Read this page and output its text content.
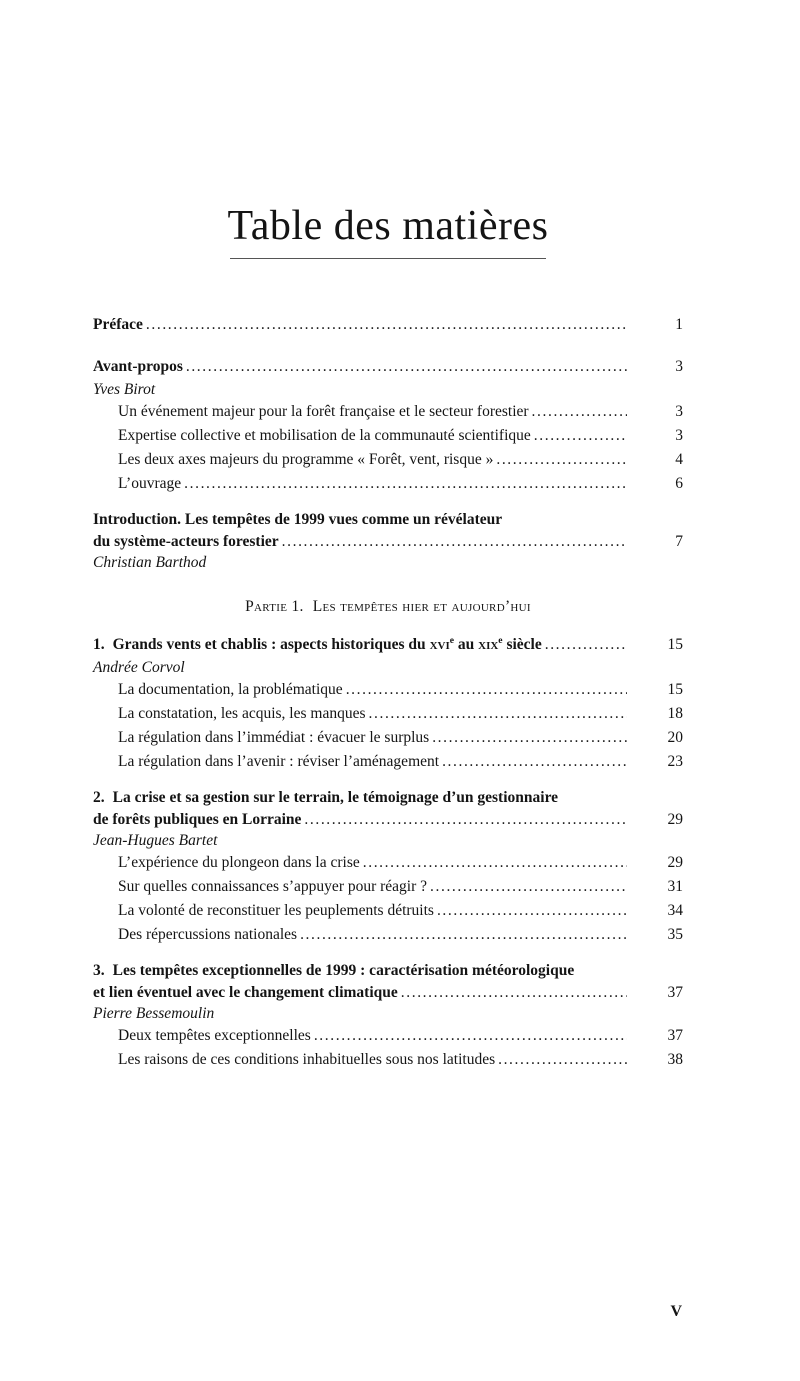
Table des matières
Préface .....	1
Avant-propos .....	3
Yves Birot
Un événement majeur pour la forêt française et le secteur forestier .....	3
Expertise collective et mobilisation de la communauté scientifique .....	3
Les deux axes majeurs du programme « Forêt, vent, risque » .....	4
L’ouvrage .....	6
Introduction. Les tempêtes de 1999 vues comme un révélateur
du système-acteurs forestier .....	7
Christian Barthod
Partie 1. Les tempêtes hier et aujourd’hui
1. Grands vents et chablis : aspects historiques du xvi$^e$ au xix$^e$ siècle .....	15
Andrée Corvol
La documentation, la problématique .....	15
La constatation, les acquis, les manques .....	18
La régulation dans l’immédiat : évacuer le surplus .....	20
La régulation dans l’avenir : réviser l’aménagement .....	23
2. La crise et sa gestion sur le terrain, le témoignage d’un gestionnaire
de forêts publiques en Lorraine .....	29
Jean-Hugues Bartet
L’expérience du plongeon dans la crise .....	29
Sur quelles connaissances s’appuyer pour réagir ? .....	31
La volonté de reconstituer les peuplements détruits .....	34
Des répercussions nationales .....	35
3. Les tempêtes exceptionnelles de 1999 : caractérisation météorologique
et lien éventuel avec le changement climatique .....	37
Pierre Bessemoulin
Deux tempêtes exceptionnelles .....	37
Les raisons de ces conditions inhabituelles sous nos latitudes .....	38
V
